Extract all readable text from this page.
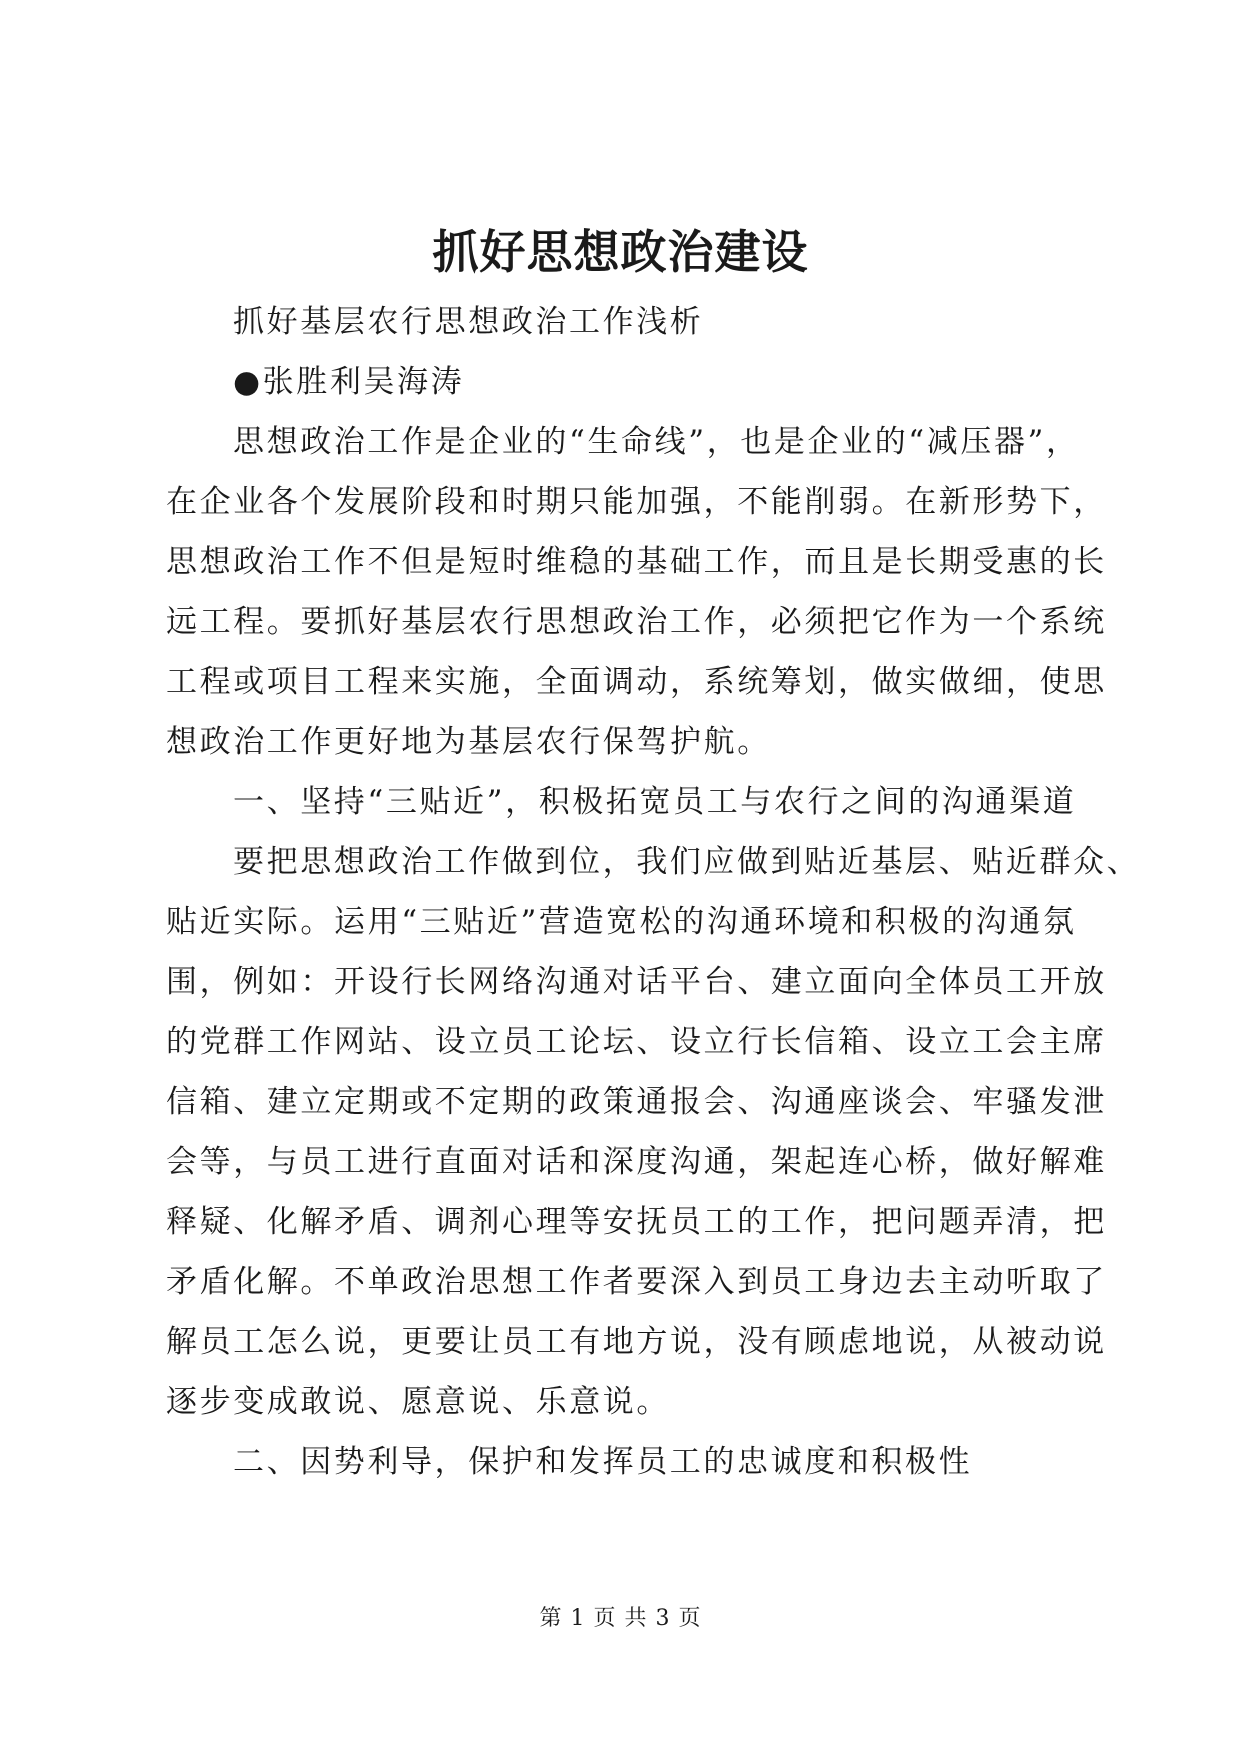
抓好思想政治建设
抓好基层农行思想政治工作浅析
●张胜利吴海涛
思想政治工作是企业的“生命线”，也是企业的“减压器”，
在企业各个发展阶段和时期只能加强，不能削弱。在新形势下，
思想政治工作不但是短时维稳的基础工作，而且是长期受惠的长
远工程。要抓好基层农行思想政治工作，必须把它作为一个系统
工程或项目工程来实施，全面调动，系统筹划，做实做细，使思
想政治工作更好地为基层农行保驾护航。
一、坚持“三贴近”，积极拓宽员工与农行之间的沟通渠道
要把思想政治工作做到位，我们应做到贴近基层、贴近群众、
贴近实际。运用“三贴近”营造宽松的沟通环境和积极的沟通氛
围，例如：开设行长网络沟通对话平台、建立面向全体员工开放
的党群工作网站、设立员工论坛、设立行长信箱、设立工会主席
信箱、建立定期或不定期的政策通报会、沟通座谈会、牢骚发泄
会等，与员工进行直面对话和深度沟通，架起连心桥，做好解难
释疑、化解矛盾、调剂心理等安抚员工的工作，把问题弄清，把
矛盾化解。不单政治思想工作者要深入到员工身边去主动听取了
解员工怎么说，更要让员工有地方说，没有顾虑地说，从被动说
逐步变成敢说、愿意说、乐意说。
二、因势利导，保护和发挥员工的忠诚度和积极性
第 1 页 共 3 页
